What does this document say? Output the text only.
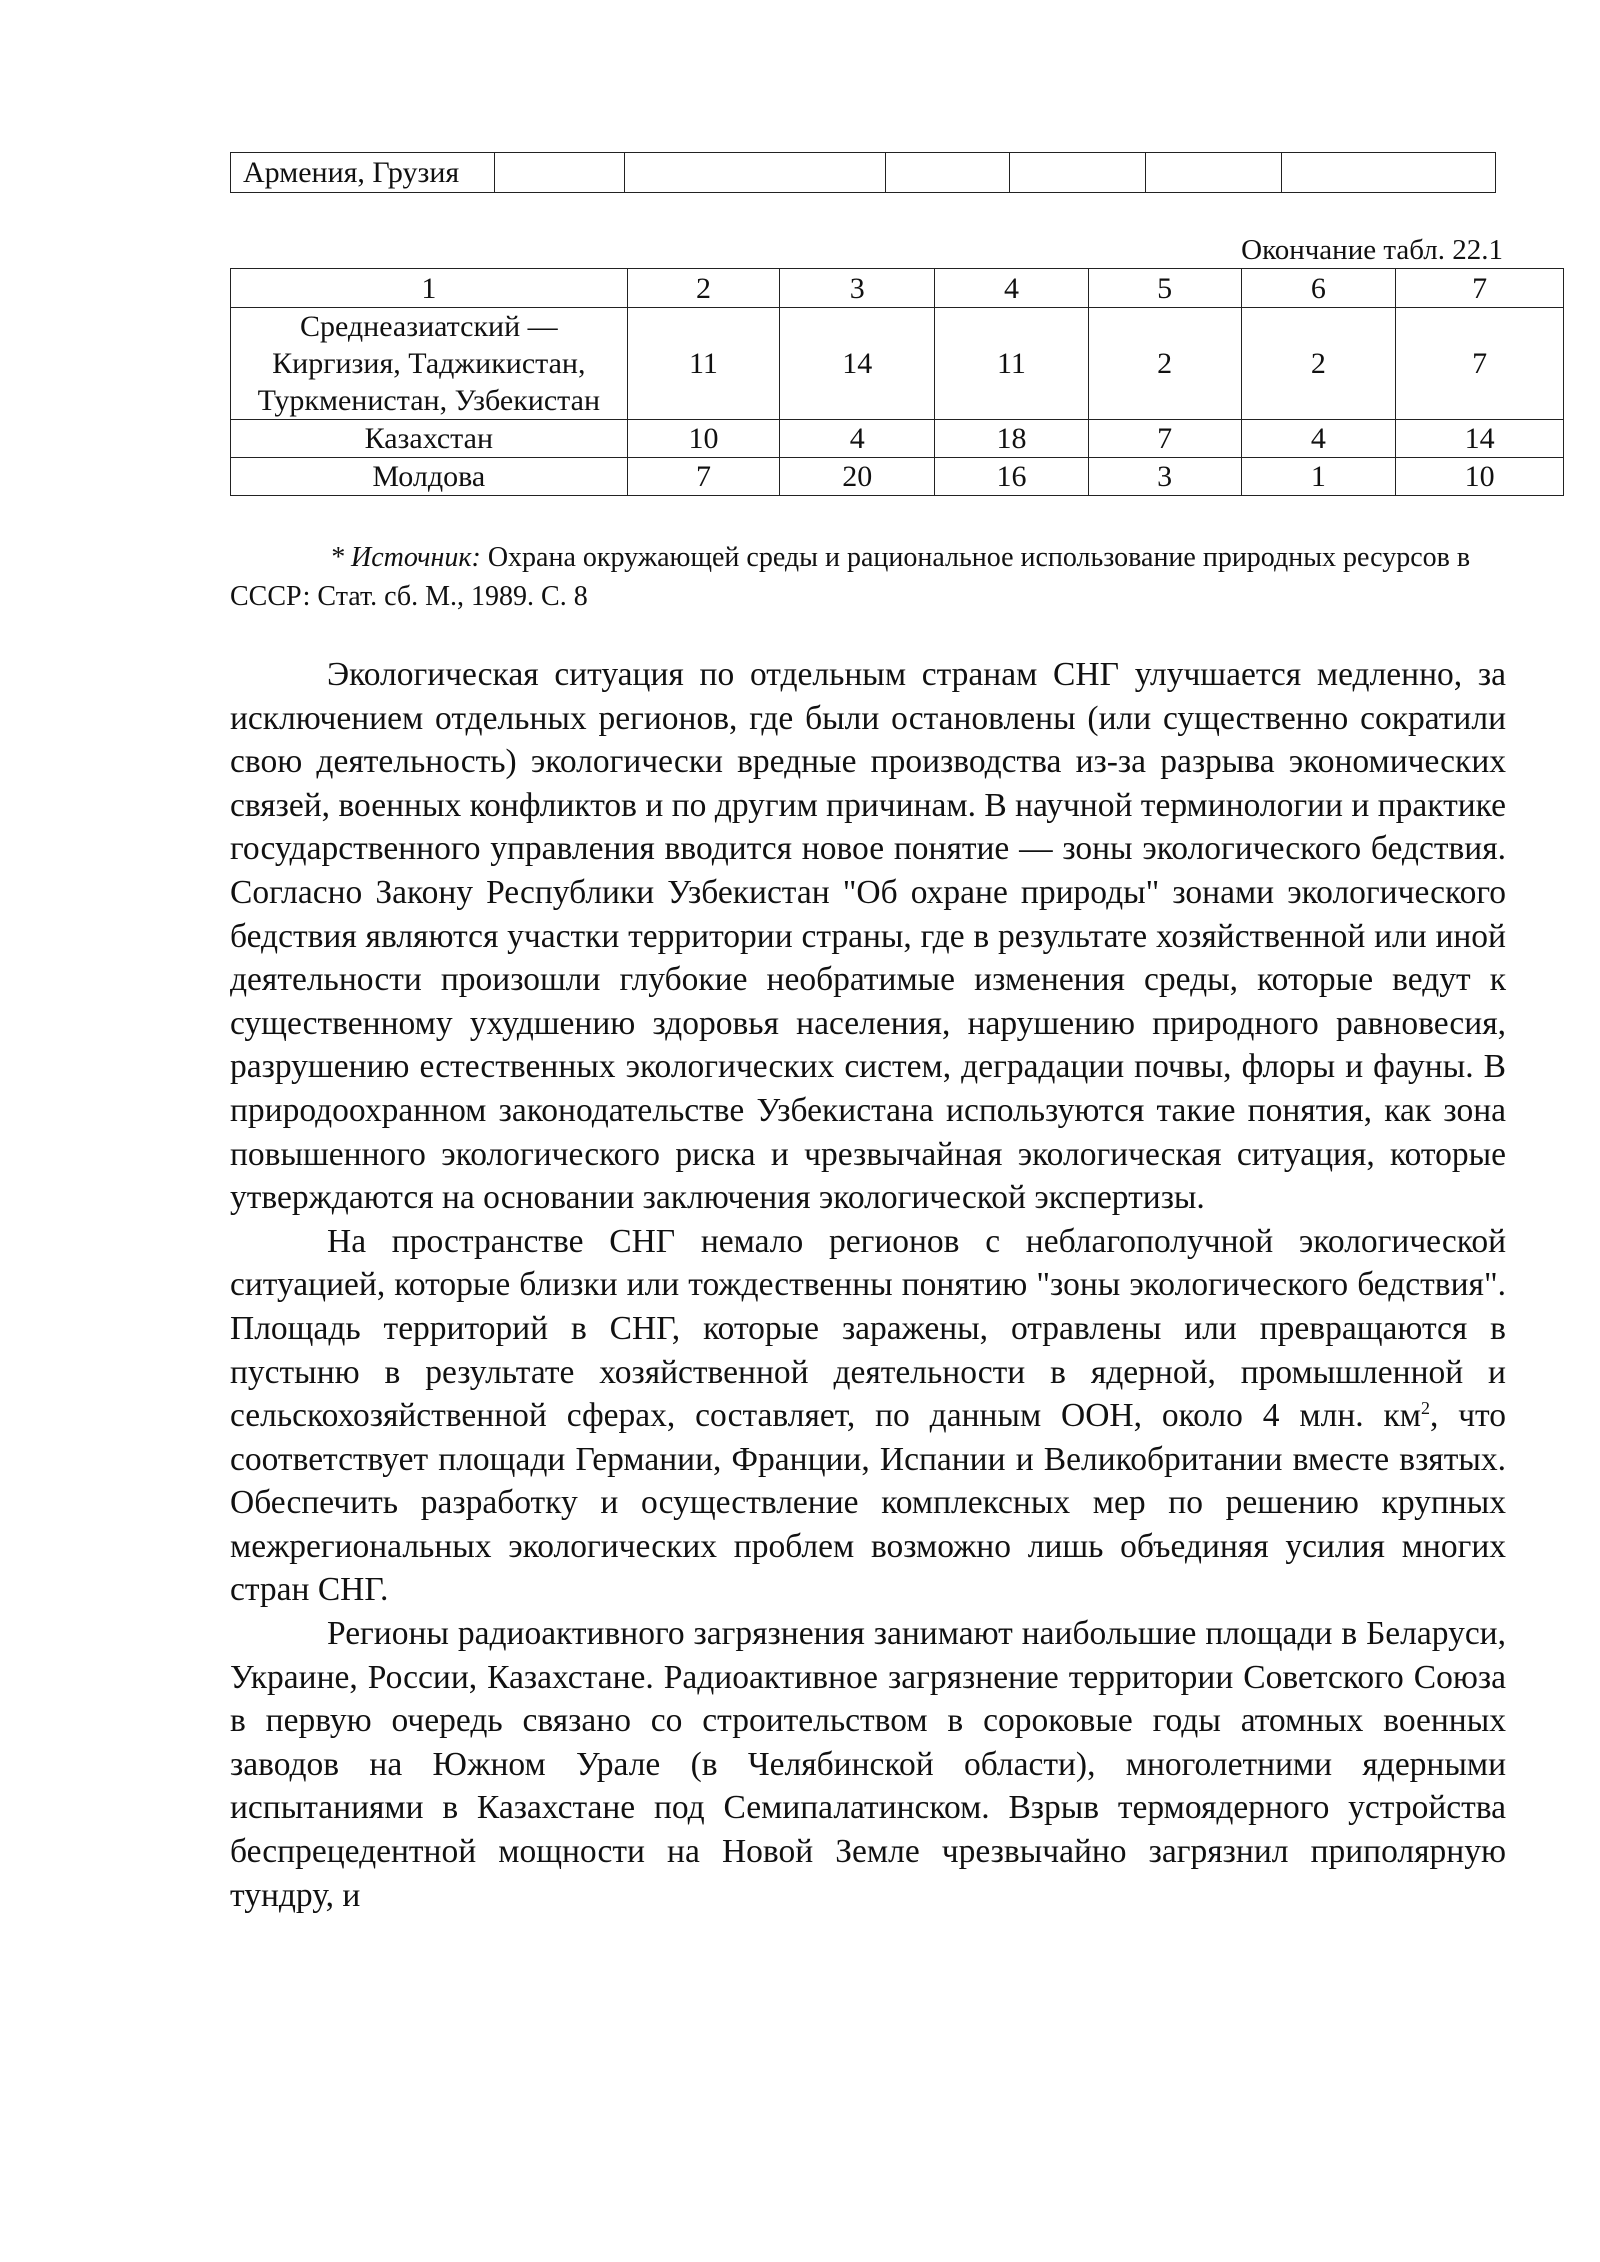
Армения, Грузия						
Окончание табл. 22.1
1	2	3	4	5	6	7

Среднеазиатский —
Киргизия, Таджикистан,
Туркменистан, Узбекистан	11	14	11	2	2	7
Казахстан	10	4	18	7	4	14
Молдова	7	20	16	3	1	10
* Источник: Охрана окружающей среды и рациональное использование природных ресурсов в СССР: Стат. сб. М., 1989. С. 8

Экологическая ситуация по отдельным странам СНГ улучшается медленно, за исключением отдельных регионов, где были остановлены (или существенно сократили свою деятельность) экологически вредные производства из-за разрыва экономических связей, военных конфликтов и по другим причинам. В научной терминологии и практике государственного управления вводится новое понятие — зоны экологического бедствия. Согласно Закону Республики Узбекистан "Об охране природы" зонами экологического бедствия являются участки территории страны, где в результате хозяйственной или иной деятельности произошли глубокие необратимые изменения среды, которые ведут к существенному ухудшению здоровья населения, нарушению природного равновесия, разрушению естественных экологических систем, деградации почвы, флоры и фауны. В природоохранном законодательстве Узбекистана используются такие понятия, как зона повышенного экологического риска и чрезвычайная экологическая ситуация, которые утверждаются на основании заключения экологической экспертизы.

На пространстве СНГ немало регионов с неблагополучной экологической ситуацией, которые близки или тождественны понятию "зоны экологического бедствия". Площадь территорий в СНГ, которые заражены, отравлены или превращаются в пустыню в результате хозяйственной деятельности в ядерной, промышленной и сельскохозяйственной сферах, составляет, по данным ООН, около 4 млн. $км^2$, что соответствует площади Германии, Франции, Испании и Великобритании вместе взятых. Обеспечить разработку и осуществление комплексных мер по решению крупных межрегиональных экологических проблем возможно лишь объединяя усилия многих стран СНГ.

Регионы радиоактивного загрязнения занимают наибольшие площади в Беларуси, Украине, России, Казахстане. Радиоактивное загрязнение территории Советского Союза в первую очередь связано со строительством в сороковые годы атомных военных заводов на Южном Урале (в Челябинской области), многолетними ядерными испытаниями в Казахстане под Семипалатинском. Взрыв термоядерного устройства беспрецедентной мощности на Новой Земле чрезвычайно загрязнил приполярную тундру, и
